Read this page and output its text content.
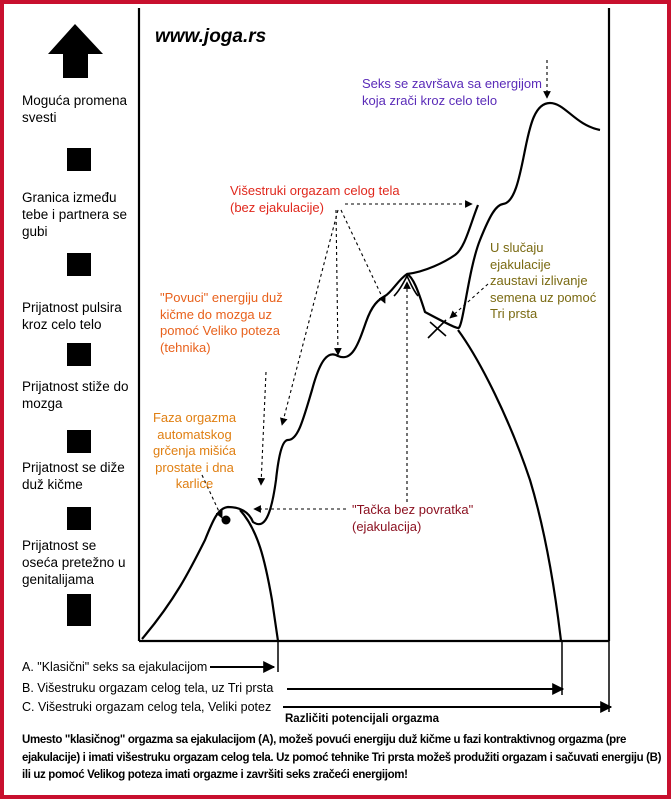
www.joga.rs
Moguća promena svesti
Granica između tebe i partnera se gubi
Prijatnost pulsira kroz celo telo
Prijatnost stiže do mozga
Prijatnost se diže duž kičme
Prijatnost se oseća pretežno u genitalijama
Seks se završava sa energijom
koja zrači kroz celo telo
Višestruki orgazam celog tela
(bez ejakulacije)
"Povuci" energiju duž
kičme do mozga uz
pomoć Veliko poteza
(tehnika)
Faza orgazma
automatskog
grčenja mišića
prostate i dna
karlice
"Tačka bez povratka"
(ejakulacija)
U slučaju
ejakulacije
zaustavi izlivanje
semena uz pomoć
Tri prsta
A. "Klasični" seks sa ejakulacijom
B. Višestruku orgazam celog tela, uz Tri prsta
C. Višestruki orgazam celog tela, Veliki potez
Različiti potencijali orgazma
Umesto "klasičnog" orgazma sa ejakulacijom (A), možeš povući energiju duž kičme u fazi kontraktivnog orgazma (pre ejakulacije) i imati višestruku orgazam celog tela. Uz pomoć tehnike Tri prsta možeš produžiti orgazam i sačuvati energiju (B) ili uz pomoć Velikog poteza imati orgazme i završiti seks zračeći energijom!
